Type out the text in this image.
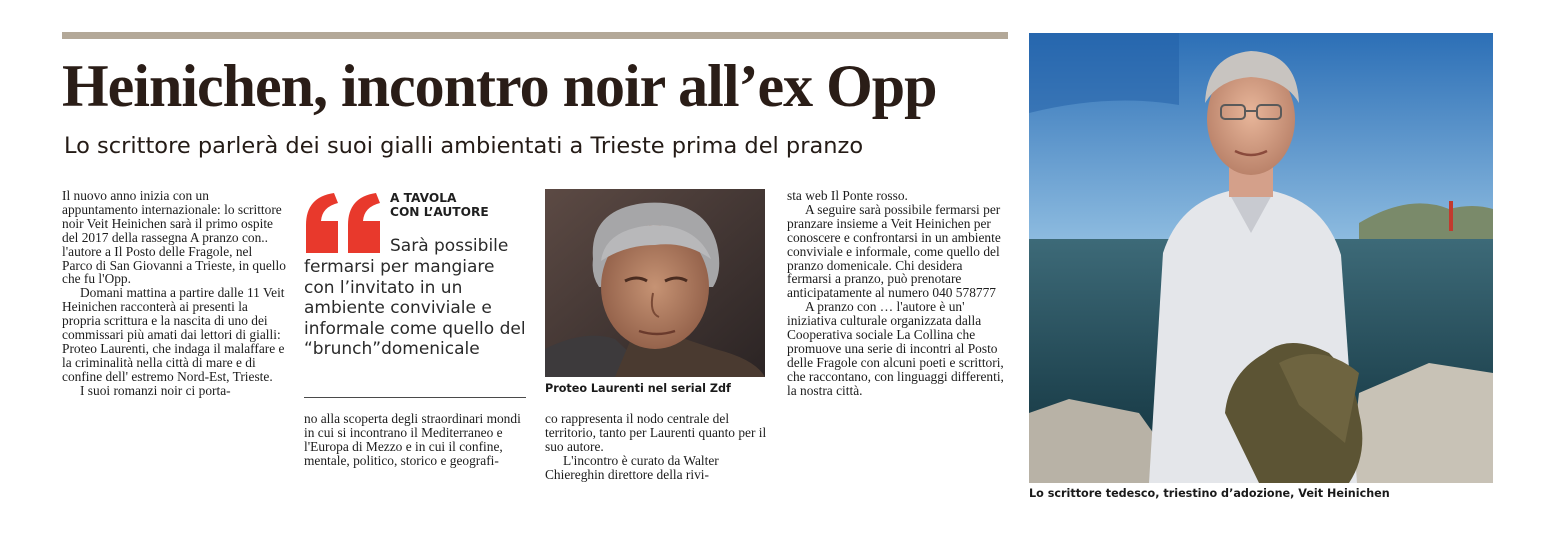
Heinichen, incontro noir all’ex Opp
Lo scrittore parlerà dei suoi gialli ambientati a Trieste prima del pranzo

Il nuovo anno inizia con un appuntamento internazionale: lo scrittore noir Veit Heinichen sarà il primo ospite del 2017 della rassegna A pranzo con.. l'autore a Il Posto delle Fragole, nel Parco di San Giovanni a Trieste, in quello che fu l'Opp.

Domani mattina a partire dalle 11 Veit Heinichen racconterà ai presenti la propria scrittura e la nascita di uno dei commissari più amati dai lettori di gialli: Proteo Laurenti, che indaga il malaffare e la criminalità nella città di mare e di confine dell' estremo Nord-Est, Trieste.

I suoi romanzi noir ci porta-

A TAVOLA
CON L’AUTORE
Sarà possibile
fermarsi per mangiare con l’invitato in un ambiente conviviale e informale come quello del “brunch”domenicale

no alla scoperta degli straordinari mondi in cui si incontrano il Mediterraneo e l'Europa di Mezzo e in cui il confine, mentale, politico, storico e geografi-

Proteo Laurenti nel serial Zdf

co rappresenta il nodo centrale del territorio, tanto per Laurenti quanto per il suo autore.

L'incontro è curato da Walter Chiereghin direttore della rivi-

sta web Il Ponte rosso.

A seguire sarà possibile fermarsi per pranzare insieme a Veit Heinichen per conoscere e confrontarsi in un ambiente conviviale e informale, come quello del pranzo domenicale. Chi desidera fermarsi a pranzo, può prenotare anticipatamente al numero 040 578777

A pranzo con … l'autore è un' iniziativa culturale organizzata dalla Cooperativa sociale La Collina che promuove una serie di incontri al Posto delle Fragole con alcuni poeti e scrittori, che raccontano, con linguaggi differenti, la nostra città.

Lo scrittore tedesco, triestino d’adozione, Veit Heinichen
